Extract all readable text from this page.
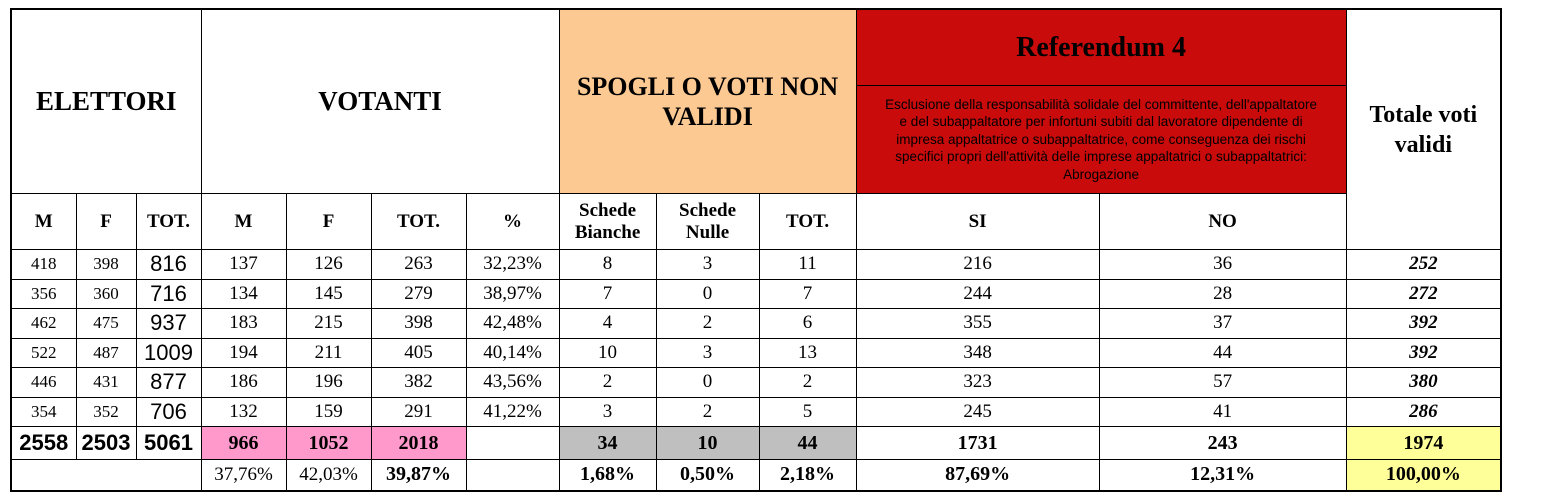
ELETTORI			VOTANTI				SPOGLI O VOTI NON VALIDI			Referendum 4
Esclusione della responsabilità solidale del committente, dell'appaltatore e del subappaltatore per infortuni subiti dal lavoratore dipendente di impresa appaltatrice o subappaltatrice, come conseguenza dei rischi specifici propri dell'attività delle imprese appaltatrici o subappaltatrici: Abrogazione		Totale voti validi
M	F	TOT.	M	F	TOT.	%	Schede Bianche	Schede Nulle	TOT.	SI	NO	
418	398	816	137	126	263	32,23%	8	3	11	216	36	252
356	360	716	134	145	279	38,97%	7	0	7	244	28	272
462	475	937	183	215	398	42,48%	4	2	6	355	37	392
522	487	1009	194	211	405	40,14%	10	3	13	348	44	392
446	431	877	186	196	382	43,56%	2	0	2	323	57	380
354	352	706	132	159	291	41,22%	3	2	5	245	41	286
2558	2503	5061	966	1052	2018		34	10	44	1731	243	1974
			37,76%	42,03%	39,87%		1,68%	0,50%	2,18%	87,69%	12,31%	100,00%
